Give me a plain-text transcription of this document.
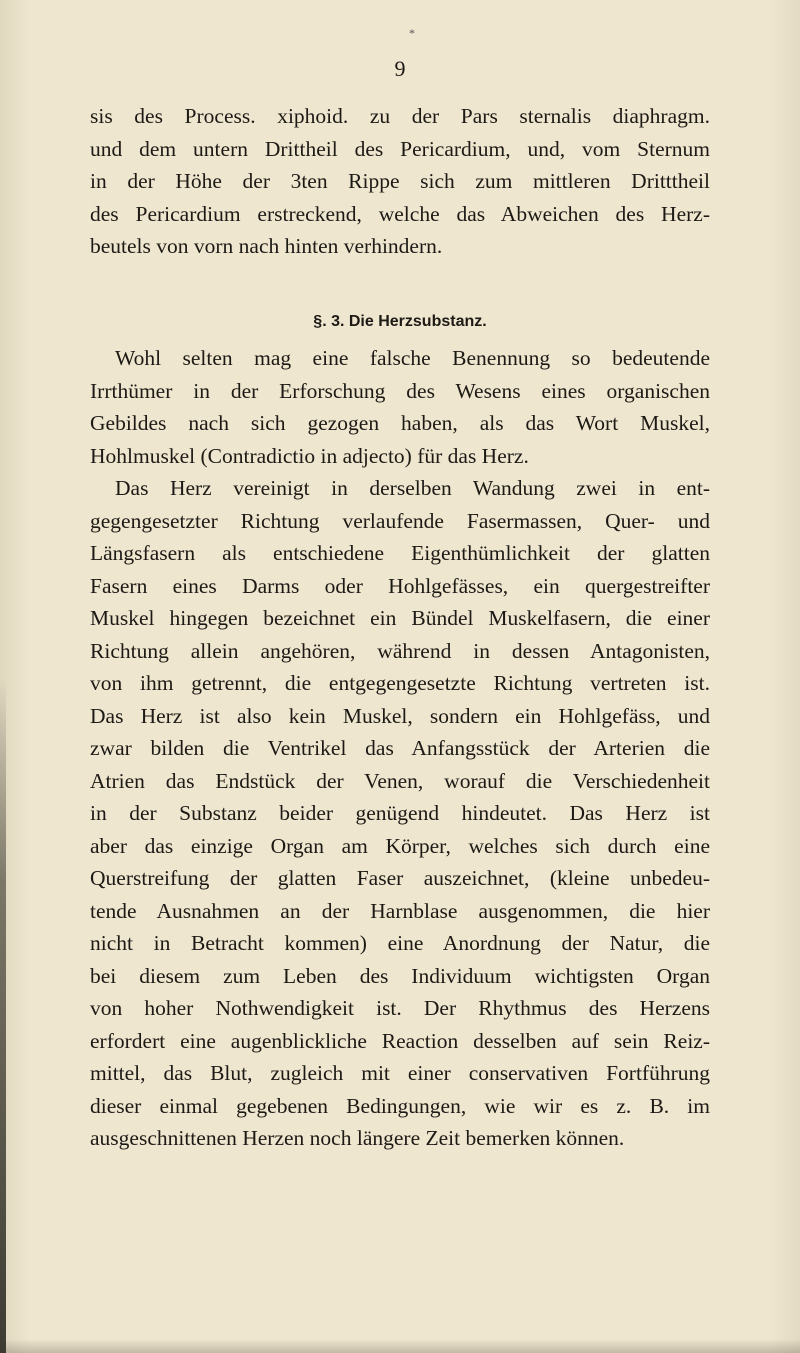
*
9
sis des Process. xiphoid. zu der Pars sternalis diaphragm.
und dem untern Drittheil des Pericardium, und, vom Sternum
in der Höhe der 3ten Rippe sich zum mittleren Dritttheil
des Pericardium erstreckend, welche das Abweichen des Herz-
beutels von vorn nach hinten verhindern.
§. 3. Die Herzsubstanz.
Wohl selten mag eine falsche Benennung so bedeutende
Irrthümer in der Erforschung des Wesens eines organischen
Gebildes nach sich gezogen haben, als das Wort Muskel,
Hohlmuskel (Contradictio in adjecto) für das Herz.
Das Herz vereinigt in derselben Wandung zwei in ent-
gegengesetzter Richtung verlaufende Fasermassen, Quer- und
Längsfasern als entschiedene Eigenthümlichkeit der glatten
Fasern eines Darms oder Hohlgefässes, ein quergestreifter
Muskel hingegen bezeichnet ein Bündel Muskelfasern, die einer
Richtung allein angehören, während in dessen Antagonisten,
von ihm getrennt, die entgegengesetzte Richtung vertreten ist.
Das Herz ist also kein Muskel, sondern ein Hohlgefäss, und
zwar bilden die Ventrikel das Anfangsstück der Arterien die
Atrien das Endstück der Venen, worauf die Verschiedenheit
in der Substanz beider genügend hindeutet. Das Herz ist
aber das einzige Organ am Körper, welches sich durch eine
Querstreifung der glatten Faser auszeichnet, (kleine unbedeu-
tende Ausnahmen an der Harnblase ausgenommen, die hier
nicht in Betracht kommen) eine Anordnung der Natur, die
bei diesem zum Leben des Individuum wichtigsten Organ
von hoher Nothwendigkeit ist. Der Rhythmus des Herzens
erfordert eine augenblickliche Reaction desselben auf sein Reiz-
mittel, das Blut, zugleich mit einer conservativen Fortführung
dieser einmal gegebenen Bedingungen, wie wir es z. B. im
ausgeschnittenen Herzen noch längere Zeit bemerken können.
